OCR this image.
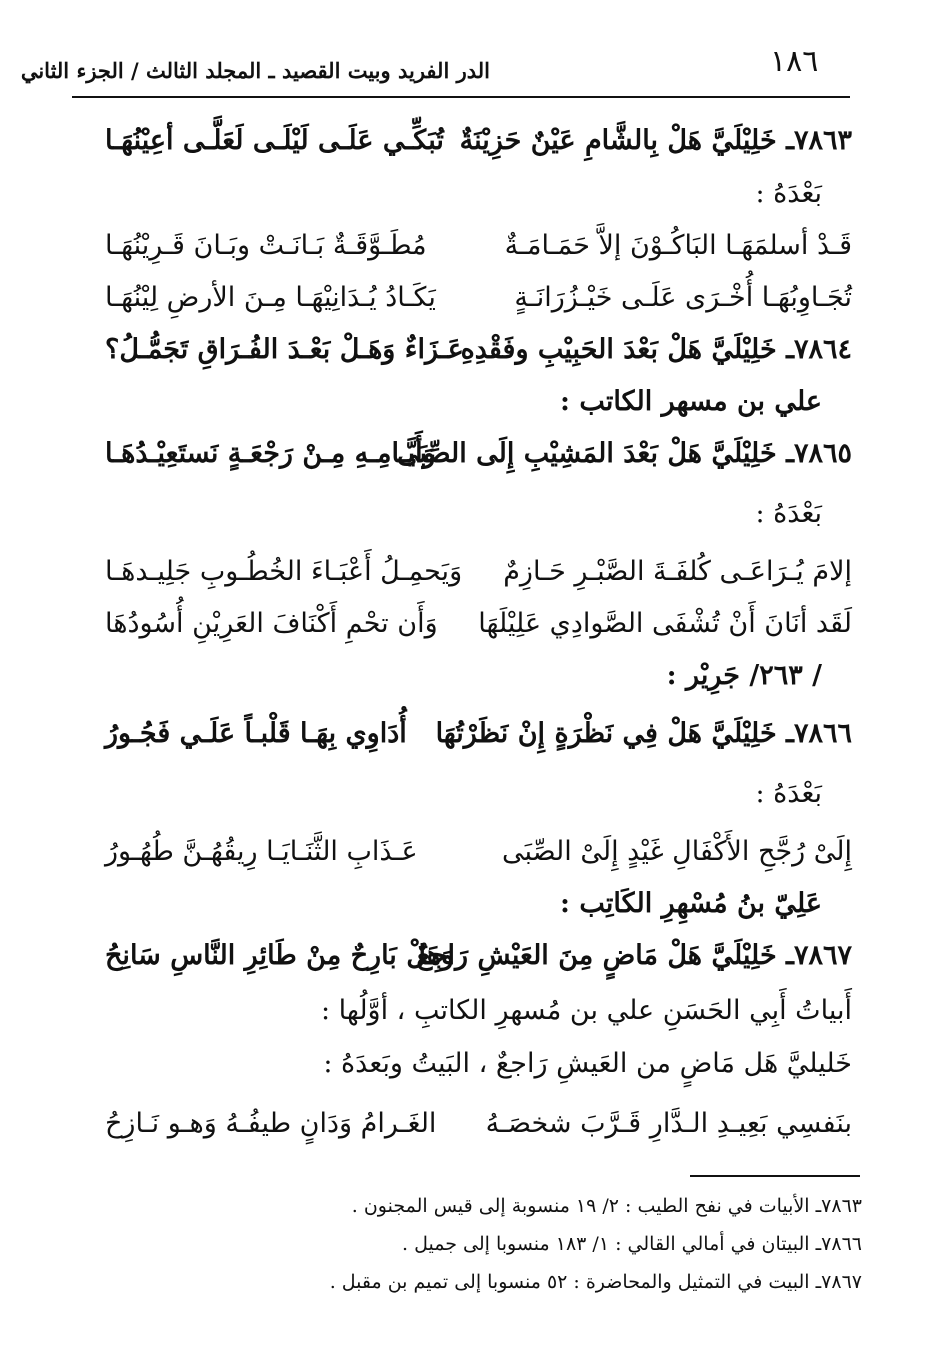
١٨٦
الدر الفريد وبيت القصيد ـ المجلد الثالث / الجزء الثاني
٧٨٦٣ـ خَلِيْلَيَّ هَلْ بِالشَّامِ عَيْنٌ حَزِيْنَةٌ
تُبَكِّـي عَلَـى لَيْلَـى لَعَلَّـى أعِيْنُهَـا
بَعْدَهُ :
قَـدْ أسلمَهَـا البَاكُـوْنَ إلاَّ حَمَـامَـةٌ
مُطَـوَّقَـةٌ بَـانَـتْ وبَـانَ قَـرِيْنُهَـا
تُجَـاوِبُهَـا أُخْـرَى عَلَـى خَيْـزُرَانَـةٍ
يَكَـادُ يُـدَانِيْهَـا مِـنَ الأرضِ لِيْنُهَـا
٧٨٦٤ـ خَلِيْلَيَّ هَلْ بَعْدَ الحَبِيْبِ وفَقْدِهِ
عَـزَاءٌ وَهَـلْ بَعْـدَ الفُـرَاقِ تَجَمُّـلُ؟
علي بن مسهر الكاتب :
٧٨٦٥ـ خَلِيْلَيَّ هَلْ بَعْدَ المَشِيْبِ إِلَى الصِّبَى
وَأَيَّـامِـهِ مِـنْ رَجْعَـةٍ نَستَعِيْـدُهَـا
بَعْدَهُ :
إلامَ يُـرَاعَـى كُلفَـةَ الصَّبْـرِ حَـازِمٌ
وَيَحمِـلُ أَعْبَـاءَ الخُطُـوبِ جَلِيـدهَـا
لَقَد أنَانَ أَنْ تُشْفَى الصَّوادِي عَلِيْلَهَا
وَأَن تحْمِ أَكْنَافَ العَرِيْنِ أُسُودُهَا
/ ٢٦٣/ جَرِيْر :
٧٨٦٦ـ خَلِيْلَيَّ هَلْ فِي نَظْرَةٍ إِنْ نَظَرْتُهَا
أُدَاوِي بِهَـا قَلْبـاً عَلَـي فَجُـورُ
بَعْدَهُ :
إِلَىْ رُجَّحِ الأَكْفَالِ غَيْدٍ إِلَىْ الصِّبَى
عَـذَابِ الثَّنَـايَـا رِيقُهُـنَّ طُهُـورُ
عَلِيّ بنُ مُسْهِرِ الكَاتِب :
٧٨٦٧ـ خَلِيْلَيَّ هَلْ مَاضٍ مِنَ العَيْشِ رَاجِعٌ
وَهَلْ بَارِحٌ مِنْ طَائِرِ النَّاسِ سَانِحُ
أَبياتُ أَبِي الحَسَنِ علي بن مُسهرِ الكاتبِ ، أوَّلُها :
خَليليَّ هَل مَاضٍ من العَيشِ رَاجعٌ ، البَيتُ وبَعدَهُ :
بنَفسِي بَعِيـدِ الـدَّارِ قَـرَّبَ شخصَـهُ
الغَـرامُ وَدَانٍ طيفُـهُ وَهـو نَـازِحُ
٧٨٦٣ـ الأبيات في نفح الطيب : ٢/ ١٩ منسوبة إلى قيس المجنون .
٧٨٦٦ـ البيتان في أمالي القالي : ١/ ١٨٣ منسوبا إلى جميل .
٧٨٦٧ـ البيت في التمثيل والمحاضرة : ٥٢ منسوبا إلى تميم بن مقبل .
